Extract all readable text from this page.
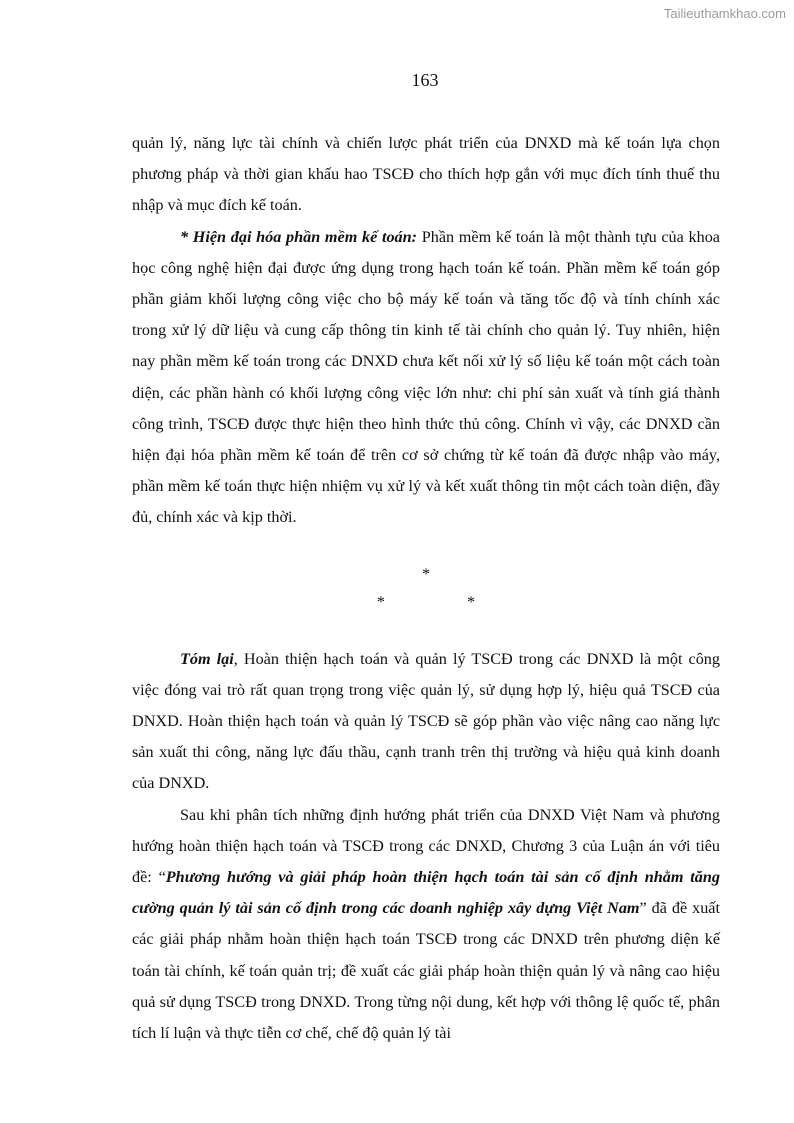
Tailieuthamkhao.com
163

quản lý, năng lực tài chính và chiến lược phát triển của DNXD mà kế toán lựa chọn phương pháp và thời gian khấu hao TSCĐ cho thích hợp gắn với mục đích tính thuế thu nhập và mục đích kế toán.

* Hiện đại hóa phần mềm kế toán: Phần mềm kế toán là một thành tựu của khoa học công nghệ hiện đại được ứng dụng trong hạch toán kế toán. Phần mềm kế toán góp phần giảm khối lượng công việc cho bộ máy kế toán và tăng tốc độ và tính chính xác trong xử lý dữ liệu và cung cấp thông tin kinh tế tài chính cho quản lý. Tuy nhiên, hiện nay phần mềm kế toán trong các DNXD chưa kết nối xử lý số liệu kế toán một cách toàn diện, các phần hành có khối lượng công việc lớn như: chi phí sản xuất và tính giá thành công trình, TSCĐ được thực hiện theo hình thức thủ công. Chính vì vậy, các DNXD cần hiện đại hóa phần mềm kế toán để trên cơ sở chứng từ kế toán đã được nhập vào máy, phần mềm kế toán thực hiện nhiệm vụ xử lý và kết xuất thông tin một cách toàn diện, đầy đủ, chính xác và kịp thời.

*
* *

Tóm lại, Hoàn thiện hạch toán và quản lý TSCĐ trong các DNXD là một công việc đóng vai trò rất quan trọng trong việc quản lý, sử dụng hợp lý, hiệu quả TSCĐ của DNXD. Hoàn thiện hạch toán và quản lý TSCĐ sẽ góp phần vào việc nâng cao năng lực sản xuất thi công, năng lực đấu thầu, cạnh tranh trên thị trường và hiệu quả kinh doanh của DNXD.

Sau khi phân tích những định hướng phát triển của DNXD Việt Nam và phương hướng hoàn thiện hạch toán và TSCĐ trong các DNXD, Chương 3 của Luận án với tiêu đề: “Phương hướng và giải pháp hoàn thiện hạch toán tài sản cố định nhằm tăng cường quản lý tài sản cố định trong các doanh nghiệp xây dựng Việt Nam” đã đề xuất các giải pháp nhằm hoàn thiện hạch toán TSCĐ trong các DNXD trên phương diện kế toán tài chính, kế toán quản trị; đề xuất các giải pháp hoàn thiện quản lý và nâng cao hiệu quả sử dụng TSCĐ trong DNXD. Trong từng nội dung, kết hợp với thông lệ quốc tế, phân tích lí luận và thực tiễn cơ chế, chế độ quản lý tài
